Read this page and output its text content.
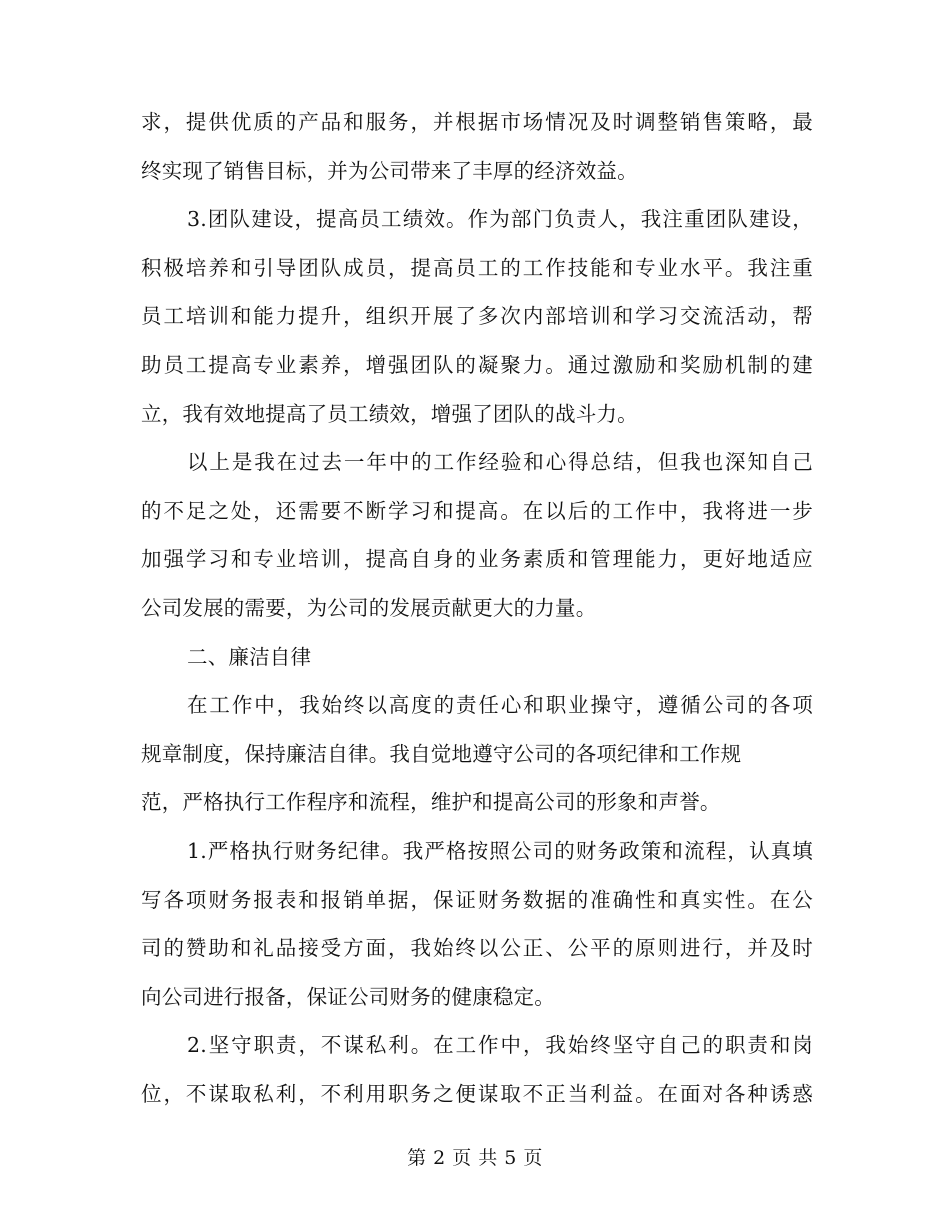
求，提供优质的产品和服务，并根据市场情况及时调整销售策略，最
终实现了销售目标，并为公司带来了丰厚的经济效益。
3.团队建设，提高员工绩效。作为部门负责人，我注重团队建设，
积极培养和引导团队成员，提高员工的工作技能和专业水平。我注重
员工培训和能力提升，组织开展了多次内部培训和学习交流活动，帮
助员工提高专业素养，增强团队的凝聚力。通过激励和奖励机制的建
立，我有效地提高了员工绩效，增强了团队的战斗力。
以上是我在过去一年中的工作经验和心得总结，但我也深知自己
的不足之处，还需要不断学习和提高。在以后的工作中，我将进一步
加强学习和专业培训，提高自身的业务素质和管理能力，更好地适应
公司发展的需要，为公司的发展贡献更大的力量。
二、廉洁自律
在工作中，我始终以高度的责任心和职业操守，遵循公司的各项
规章制度，保持廉洁自律。我自觉地遵守公司的各项纪律和工作规
范，严格执行工作程序和流程，维护和提高公司的形象和声誉。
1.严格执行财务纪律。我严格按照公司的财务政策和流程，认真填
写各项财务报表和报销单据，保证财务数据的准确性和真实性。在公
司的赞助和礼品接受方面，我始终以公正、公平的原则进行，并及时
向公司进行报备，保证公司财务的健康稳定。
2.坚守职责，不谋私利。在工作中，我始终坚守自己的职责和岗
位，不谋取私利，不利用职务之便谋取不正当利益。在面对各种诱惑
第 2 页 共 5 页
